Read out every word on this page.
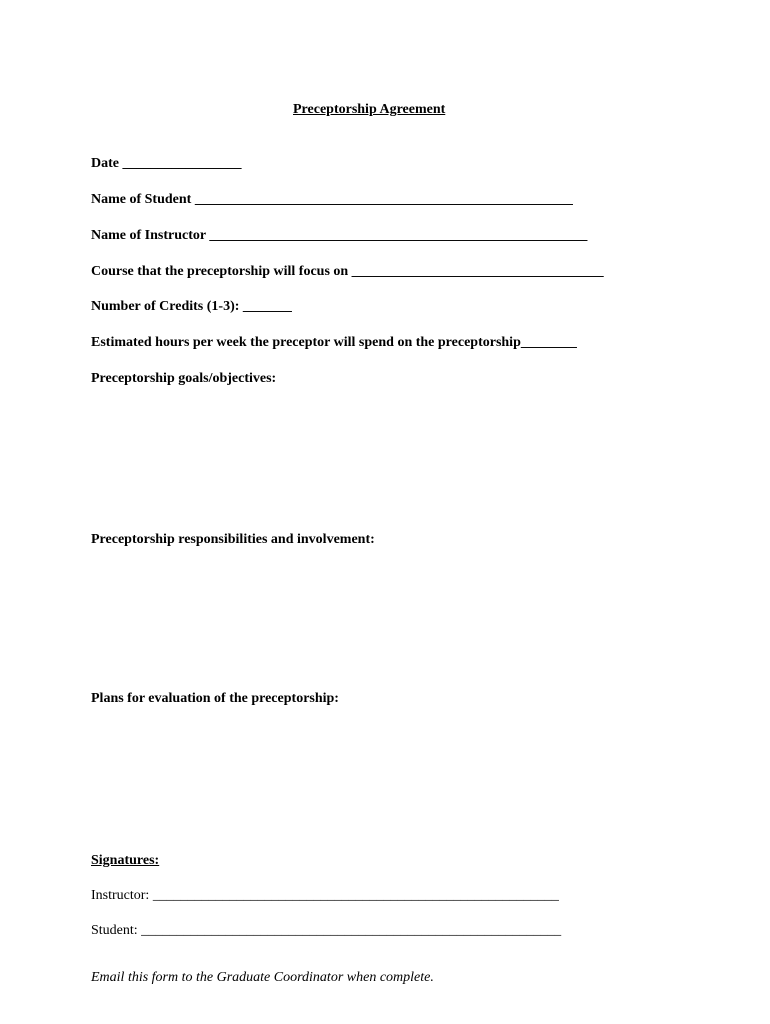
Preceptorship Agreement
Date _________________
Name of Student ______________________________________________________
Name of Instructor ______________________________________________________
Course that the preceptorship will focus on ____________________________________
Number of Credits (1-3): _______
Estimated hours per week the preceptor will spend on the preceptorship________
Preceptorship goals/objectives:
Preceptorship responsibilities and involvement:
Plans for evaluation of the preceptorship:
Signatures:
Instructor: __________________________________________________________
Student: ____________________________________________________________
Email this form to the Graduate Coordinator when complete.
